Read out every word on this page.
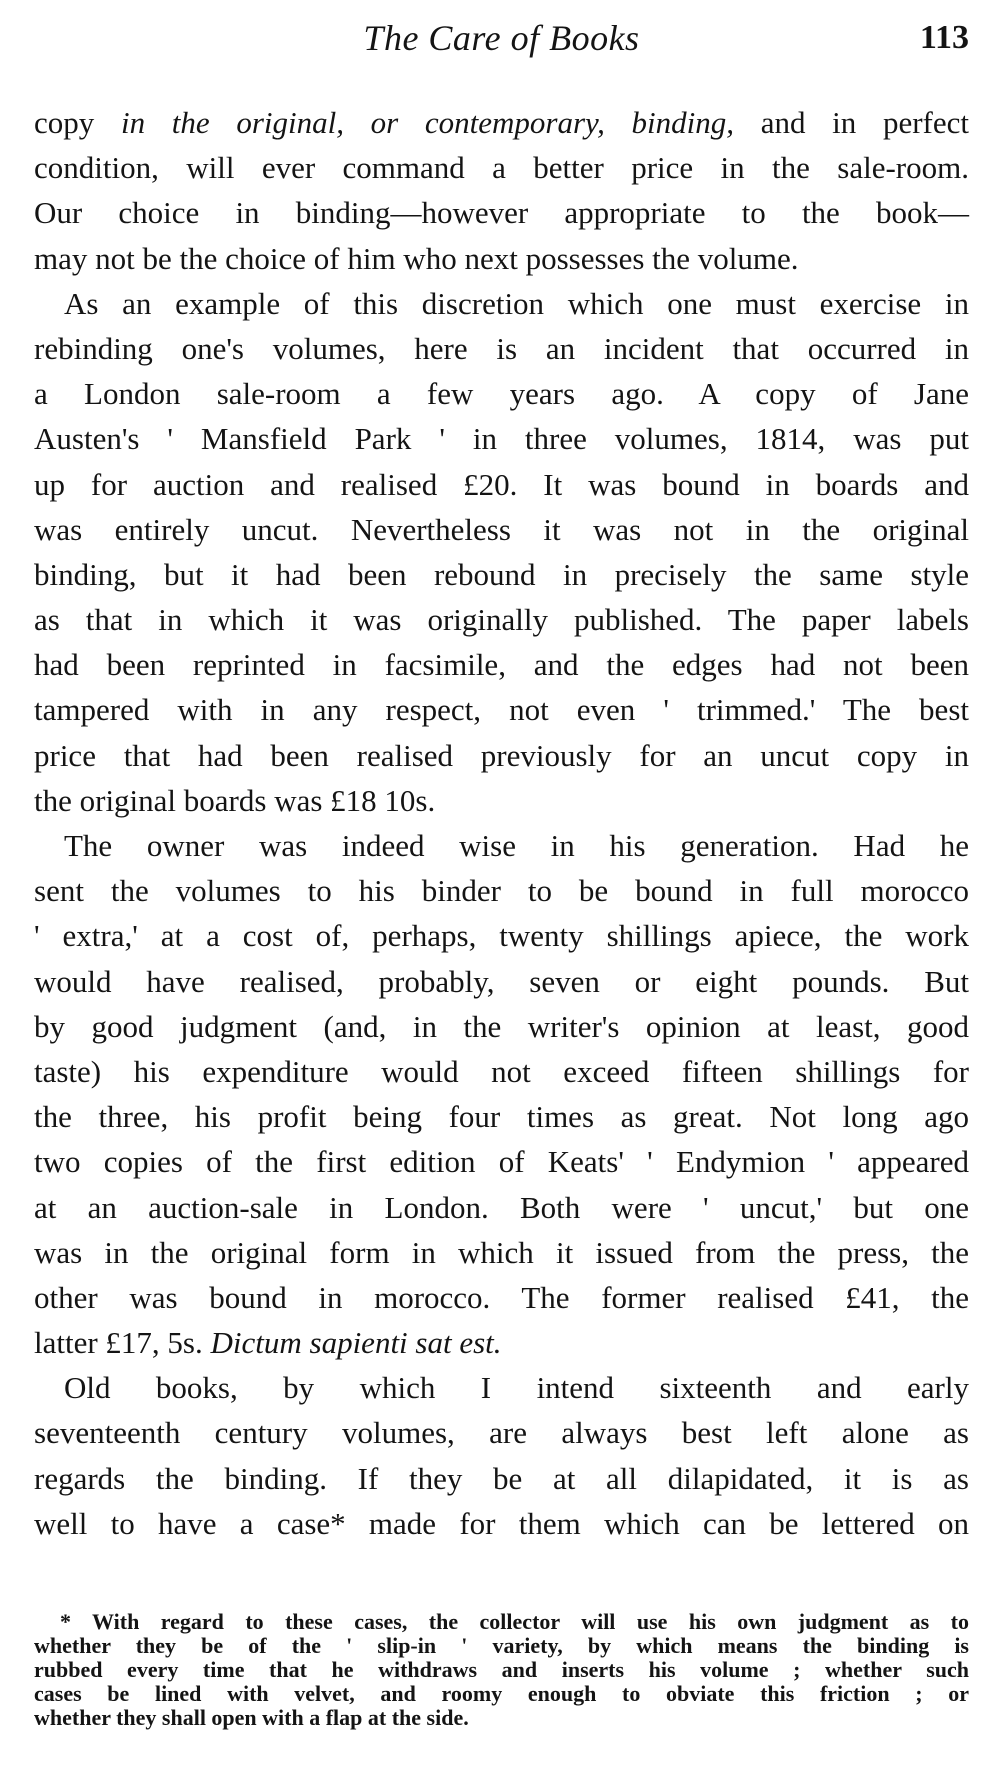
The Care of Books	113
copy in the original, or contemporary, binding, and in perfect
condition, will ever command a better price in the sale-room.
Our choice in binding—however appropriate to the book—
may not be the choice of him who next possesses the volume.
As an example of this discretion which one must exercise in
rebinding one's volumes, here is an incident that occurred in
a London sale-room a few years ago. A copy of Jane
Austen's ' Mansfield Park ' in three volumes, 1814, was put
up for auction and realised £20. It was bound in boards and
was entirely uncut. Nevertheless it was not in the original
binding, but it had been rebound in precisely the same style
as that in which it was originally published. The paper labels
had been reprinted in facsimile, and the edges had not been
tampered with in any respect, not even ' trimmed.' The best
price that had been realised previously for an uncut copy in
the original boards was £18 10s.
The owner was indeed wise in his generation. Had he
sent the volumes to his binder to be bound in full morocco
' extra,' at a cost of, perhaps, twenty shillings apiece, the work
would have realised, probably, seven or eight pounds. But
by good judgment (and, in the writer's opinion at least, good
taste) his expenditure would not exceed fifteen shillings for
the three, his profit being four times as great. Not long ago
two copies of the first edition of Keats' ' Endymion ' appeared
at an auction-sale in London. Both were ' uncut,' but one
was in the original form in which it issued from the press, the
other was bound in morocco. The former realised £41, the
latter £17, 5s. Dictum sapienti sat est.
Old books, by which I intend sixteenth and early
seventeenth century volumes, are always best left alone as
regards the binding. If they be at all dilapidated, it is as
well to have a case* made for them which can be lettered on
* With regard to these cases, the collector will use his own judgment as to
whether they be of the ' slip-in ' variety, by which means the binding is
rubbed every time that he withdraws and inserts his volume ; whether such
cases be lined with velvet, and roomy enough to obviate this friction ; or
whether they shall open with a flap at the side.
